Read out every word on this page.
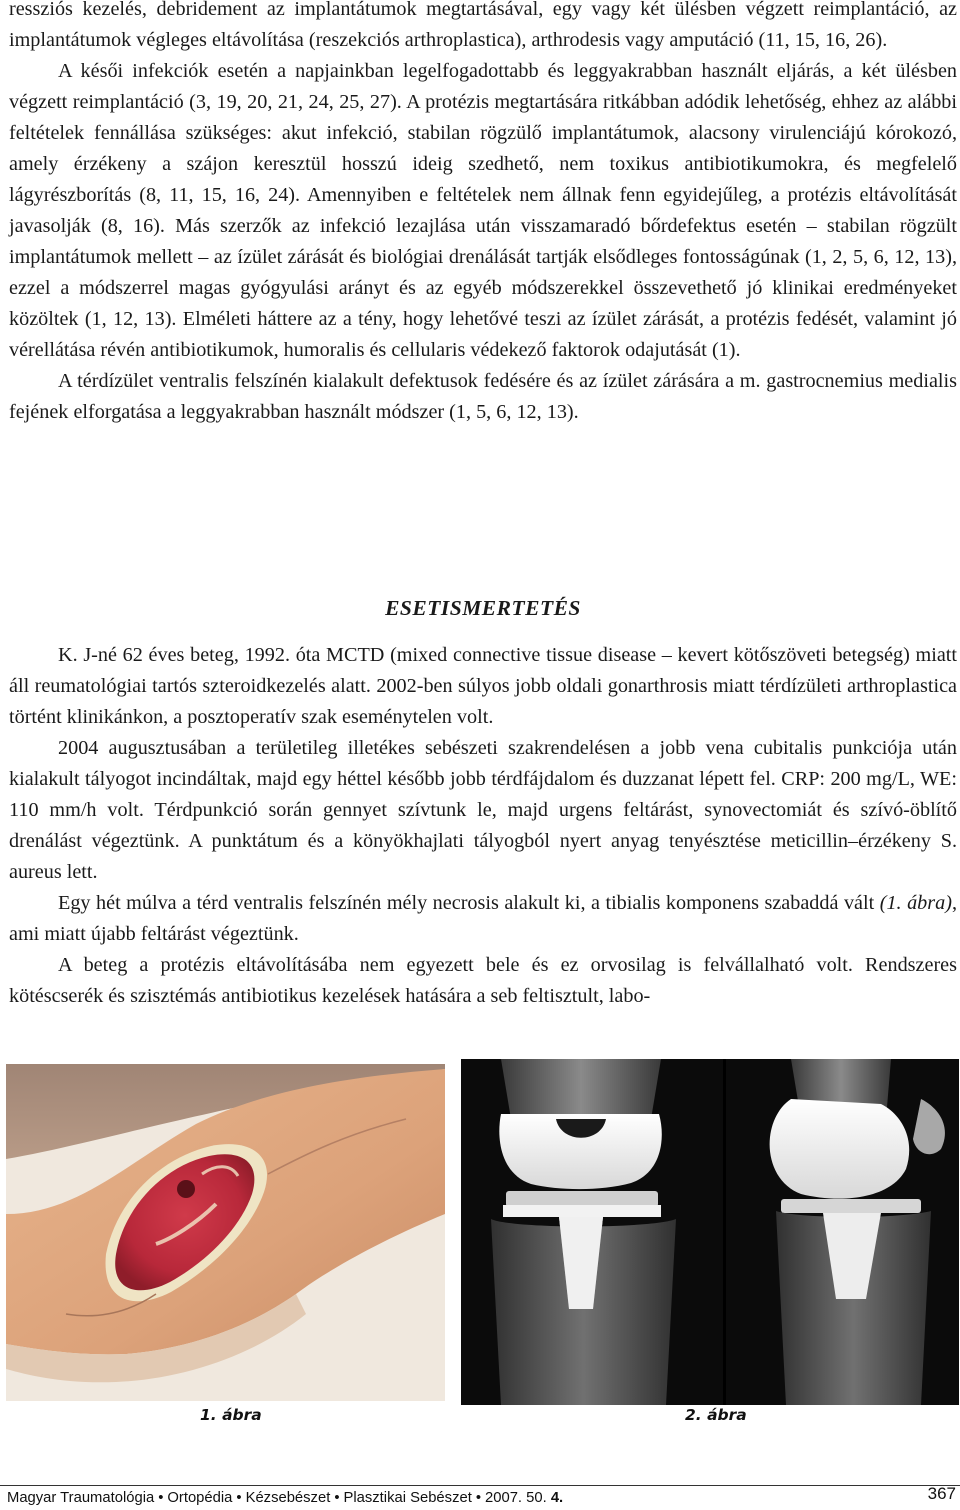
ressziós kezelés, debridement az implantátumok megtartásával, egy vagy két ülésben végzett reimplantáció, az implantátumok végleges eltávolítása (reszekciós arthroplastica), arthrodesis vagy amputáció (11, 15, 16, 26).

A késői infekciók esetén a napjainkban legelfogadottabb és leggyakrabban használt eljárás, a két ülésben végzett reimplantáció (3, 19, 20, 21, 24, 25, 27). A protézis megtartására ritkábban adódik lehetőség, ehhez az alábbi feltételek fennállása szükséges: akut infekció, stabilan rögzülő implantátumok, alacsony virulenciájú kórokozó, amely érzékeny a szájon keresztül hosszú ideig szedhető, nem toxikus antibiotikumokra, és megfelelő lágyrészborítás (8, 11, 15, 16, 24). Amennyiben e feltételek nem állnak fenn egyidejűleg, a protézis eltávolítását javasolják (8, 16). Más szerzők az infekció lezajlása után visszamaradó bőrdefektus esetén – stabilan rögzült implantátumok mellett – az ízület zárását és biológiai drenálását tartják elsődleges fontosságúnak (1, 2, 5, 6, 12, 13), ezzel a módszerrel magas gyógyulási arányt és az egyéb módszerekkel összevethető jó klinikai eredményeket közöltek (1, 12, 13). Elméleti háttere az a tény, hogy lehetővé teszi az ízület zárását, a protézis fedését, valamint jó vérellátása révén antibiotikumok, humoralis és cellularis védekező faktorok odajutását (1).

A térdízület ventralis felszínén kialakult defektusok fedésére és az ízület zárására a m. gastrocnemius medialis fejének elforgatása a leggyakrabban használt módszer (1, 5, 6, 12, 13).

ESETISMERTETÉS

K. J-né 62 éves beteg, 1992. óta MCTD (mixed connective tissue disease – kevert kötőszöveti betegség) miatt áll reumatológiai tartós szteroidkezelés alatt. 2002-ben súlyos jobb oldali gonarthrosis miatt térdízületi arthroplastica történt klinikánkon, a posztoperatív szak eseménytelen volt.

2004 augusztusában a területileg illetékes sebészeti szakrendelésen a jobb vena cubitalis punkciója után kialakult tályogot incindáltak, majd egy héttel később jobb térdfájdalom és duzzanat lépett fel. CRP: 200 mg/L, WE: 110 mm/h volt. Térdpunkció során gennyet szívtunk le, majd urgens feltárást, synovectomiát és szívó-öblítő drenálást végeztünk. A punktátum és a könyökhajlati tályogból nyert anyag tenyésztése meticillin–érzékeny S. aureus lett.

Egy hét múlva a térd ventralis felszínén mély necrosis alakult ki, a tibialis komponens szabaddá vált (1. ábra), ami miatt újabb feltárást végeztünk.

A beteg a protézis eltávolításába nem egyezett bele és ez orvosilag is felvállalható volt. Rendszeres kötéscserék és szisztémás antibiotikus kezelések hatására a seb feltisztult, labo-

1. ábra	2. ábra
Magyar Traumatológia • Ortopédia • Kézsebészet • Plasztikai Sebészet • 2007. 50. 4.	367
